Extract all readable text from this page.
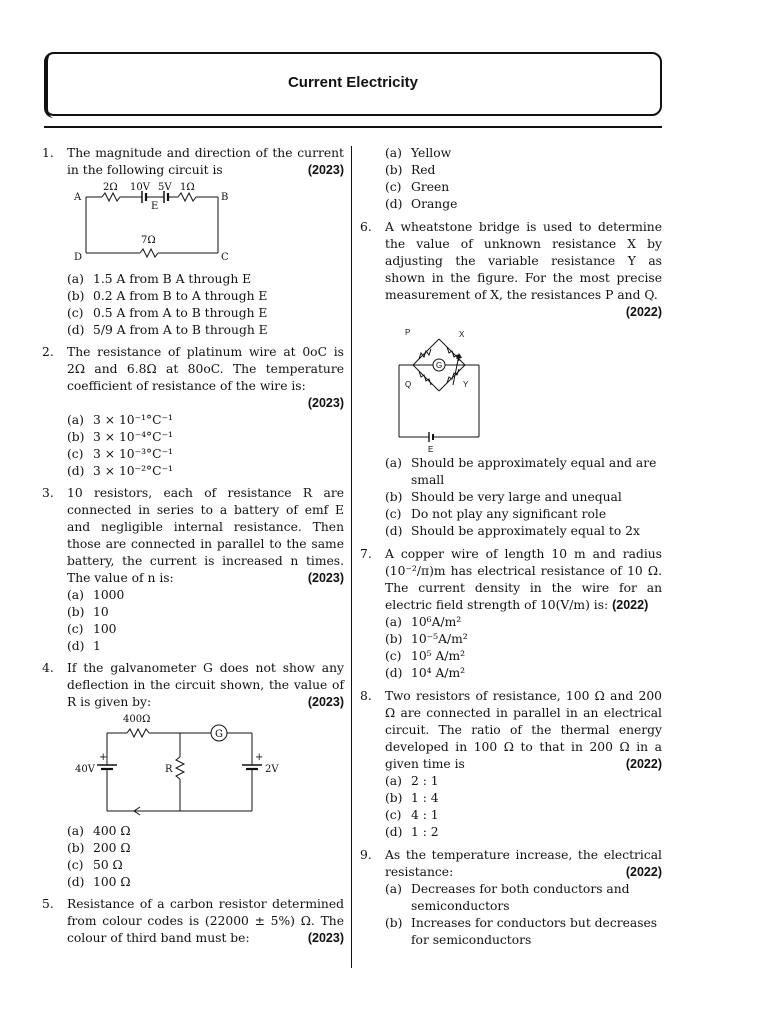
Current Electricity
1. The magnitude and direction of the current in the following circuit is	(2023)
A	B
C
D
E
2Ω 10V 5V 1Ω
7Ω
(a) 1.5 A from B A through E
(b) 0.2 A from B to A through E
(c) 0.5 A from A to B through E
(d) 5/9 A from A to B through E
2. The resistance of platinum wire at 0oC is 2Ω and 6.8Ω at 80oC. The temperature coefficient of resistance of the wire is:
(2023)
(a) 3 × 10⁻¹°C⁻¹
(b) 3 × 10⁻⁴°C⁻¹
(c) 3 × 10⁻³°C⁻¹
(d) 3 × 10⁻²°C⁻¹
3. 10 resistors, each of resistance R are connected in series to a battery of emf E and negligible internal resistance. Then those are connected in parallel to the same battery, the current is increased n times. The value of n is:	(2023)
(a) 1000
(b) 10
(c) 100
(d) 1
4. If the galvanometer G does not show any deflection in the circuit shown, the value of R is given by:	(2023)
400Ω
G
40V	R	2V
+	+
(a) 400 Ω
(b) 200 Ω
(c) 50 Ω
(d) 100 Ω
5. Resistance of a carbon resistor determined from colour codes is (22000 ± 5%) Ω. The colour of third band must be:	(2023)
(a) Yellow
(b) Red
(c) Green
(d) Orange
6. A wheatstone bridge is used to determine the value of unknown resistance X by adjusting the variable resistance Y as shown in the figure. For the most precise measurement of X, the resistances P and Q.
(2022)
P	X
Q	Y
G
E
(a) Should be approximately equal and are small
(b) Should be very large and unequal
(c) Do not play any significant role
(d) Should be approximately equal to 2x
7. A copper wire of length 10 m and radius (10⁻²/π)m has electrical resistance of 10 Ω. The current density in the wire for an electric field strength of 10(V/m) is: (2022)
(a) 10⁶A/m²
(b) 10⁻⁵A/m²
(c) 10⁵ A/m²
(d) 10⁴ A/m²
8. Two resistors of resistance, 100 Ω and 200 Ω are connected in parallel in an electrical circuit. The ratio of the thermal energy developed in 100 Ω to that in 200 Ω in a given time is	(2022)
(a) 2 : 1
(b) 1 : 4
(c) 4 : 1
(d) 1 : 2
9. As the temperature increase, the electrical resistance:	(2022)
(a) Decreases for both conductors and semiconductors
(b) Increases for conductors but decreases for semiconductors
